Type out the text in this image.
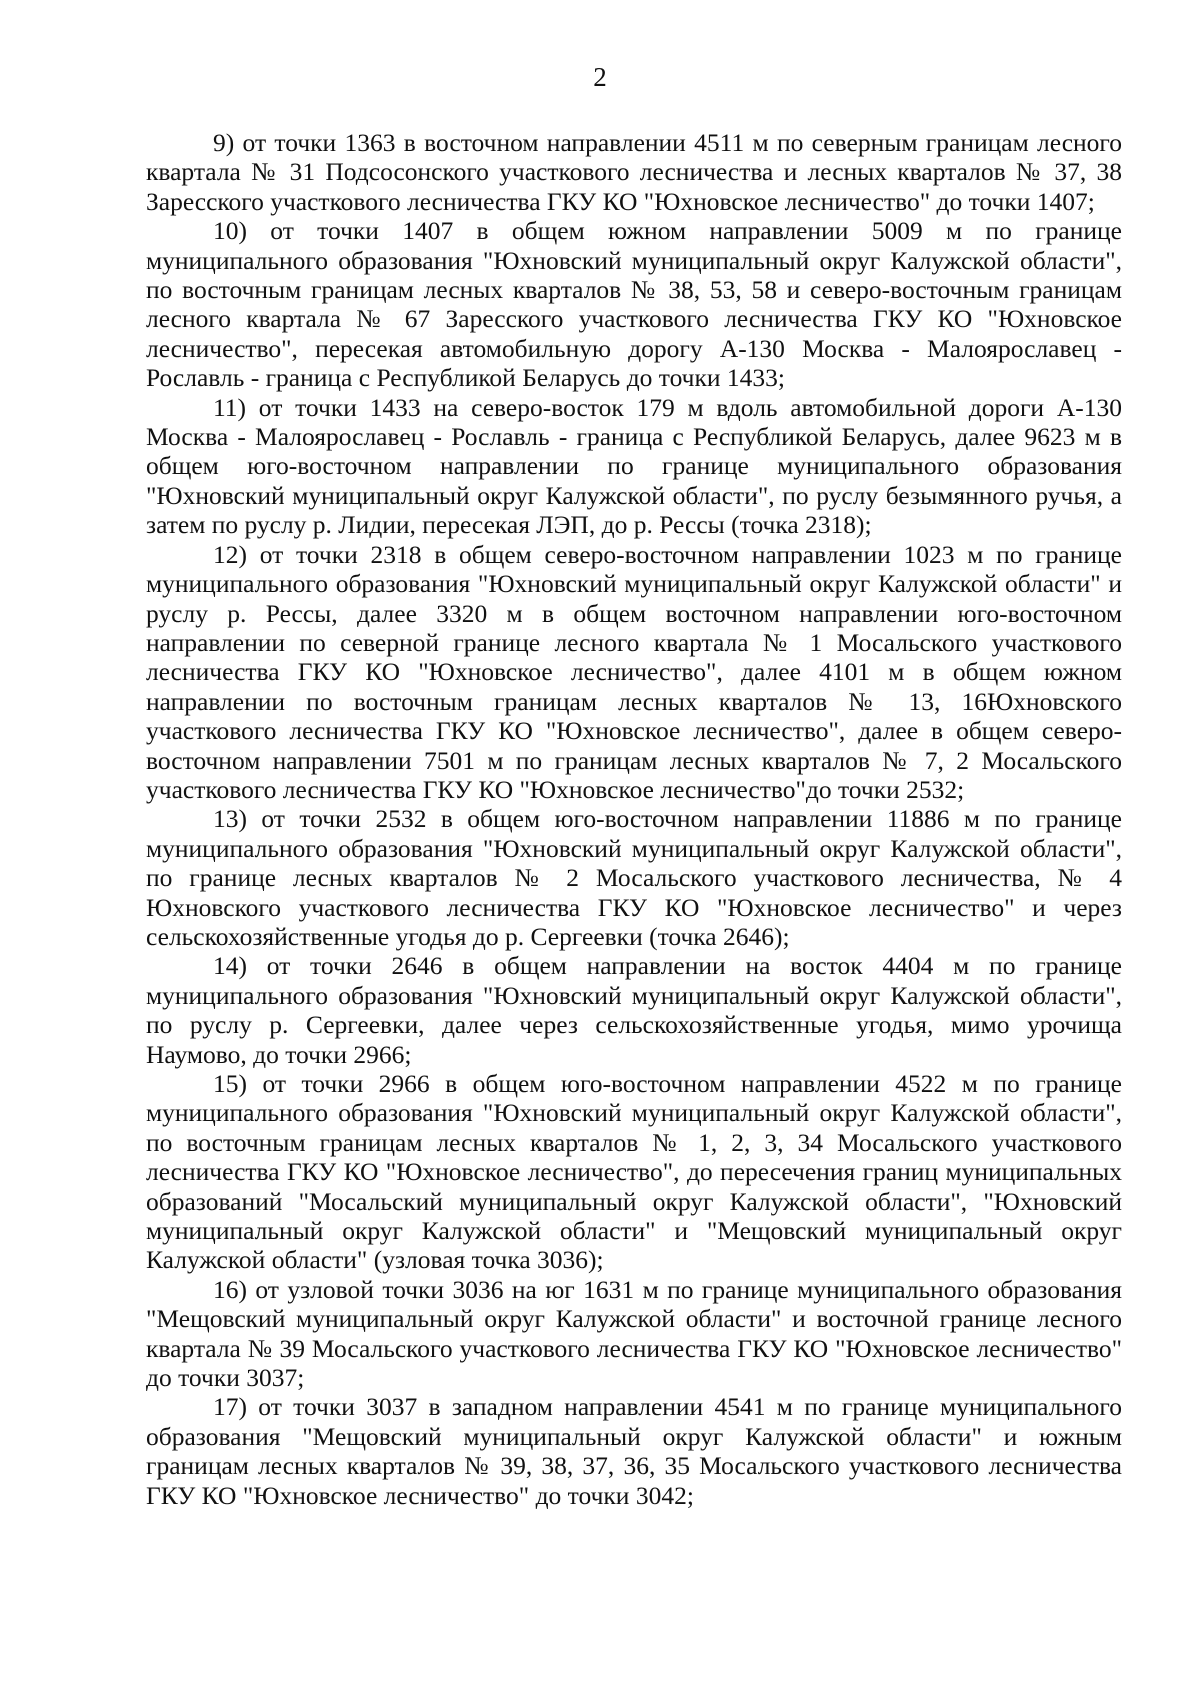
2

9) от точки 1363 в восточном направлении 4511 м по северным границам лесного квартала № 31 Подсосонского участкового лесничества и лесных кварталов № 37, 38 Заресского участкового лесничества ГКУ КО "Юхновское лесничество" до точки 1407;

10) от точки 1407 в общем южном направлении 5009 м по границе муниципального образования "Юхновский муниципальный округ Калужской области", по восточным границам лесных кварталов № 38, 53, 58 и северо-восточным границам лесного квартала № 67 Заресского участкового лесничества ГКУ КО "Юхновское лесничество", пересекая автомобильную дорогу А-130 Москва - Малоярославец - Рославль - граница с Республикой Беларусь до точки 1433;

11) от точки 1433 на северо-восток 179 м вдоль автомобильной дороги А-130 Москва - Малоярославец - Рославль - граница с Республикой Беларусь, далее 9623 м в общем юго-восточном направлении по границе муниципального образования "Юхновский муниципальный округ Калужской области", по руслу безымянного ручья, а затем по руслу р. Лидии, пересекая ЛЭП, до р. Рессы (точка 2318);

12) от точки 2318 в общем северо-восточном направлении 1023 м по границе муниципального образования "Юхновский муниципальный округ Калужской области" и руслу р. Рессы, далее 3320 м в общем восточном направлении юго-восточном направлении по северной границе лесного квартала № 1 Мосальского участкового лесничества ГКУ КО "Юхновское лесничество", далее 4101 м в общем южном направлении по восточным границам лесных кварталов № 13, 16Юхновского участкового лесничества ГКУ КО "Юхновское лесничество", далее в общем северо-восточном направлении 7501 м по границам лесных кварталов № 7, 2 Мосальского участкового лесничества ГКУ КО "Юхновское лесничество"до точки 2532;

13) от точки 2532 в общем юго-восточном направлении 11886 м по границе муниципального образования "Юхновский муниципальный округ Калужской области", по границе лесных кварталов № 2 Мосальского участкового лесничества, № 4 Юхновского участкового лесничества ГКУ КО "Юхновское лесничество" и через сельскохозяйственные угодья до р. Сергеевки (точка 2646);

14) от точки 2646 в общем направлении на восток 4404 м по границе муниципального образования "Юхновский муниципальный округ Калужской области", по руслу р. Сергеевки, далее через сельскохозяйственные угодья, мимо урочища Наумово, до точки 2966;

15) от точки 2966 в общем юго-восточном направлении 4522 м по границе муниципального образования "Юхновский муниципальный округ Калужской области", по восточным границам лесных кварталов № 1, 2, 3, 34 Мосальского участкового лесничества ГКУ КО "Юхновское лесничество", до пересечения границ муниципальных образований "Мосальский муниципальный округ Калужской области", "Юхновский муниципальный округ Калужской области" и "Мещовский муниципальный округ Калужской области" (узловая точка 3036);

16) от узловой точки 3036 на юг 1631 м по границе муниципального образования "Мещовский муниципальный округ Калужской области" и восточной границе лесного квартала № 39 Мосальского участкового лесничества ГКУ КО "Юхновское лесничество" до точки 3037;

17) от точки 3037 в западном направлении 4541 м по границе муниципального образования "Мещовский муниципальный округ Калужской области" и южным границам лесных кварталов № 39, 38, 37, 36, 35 Мосальского участкового лесничества ГКУ КО "Юхновское лесничество" до точки 3042;
